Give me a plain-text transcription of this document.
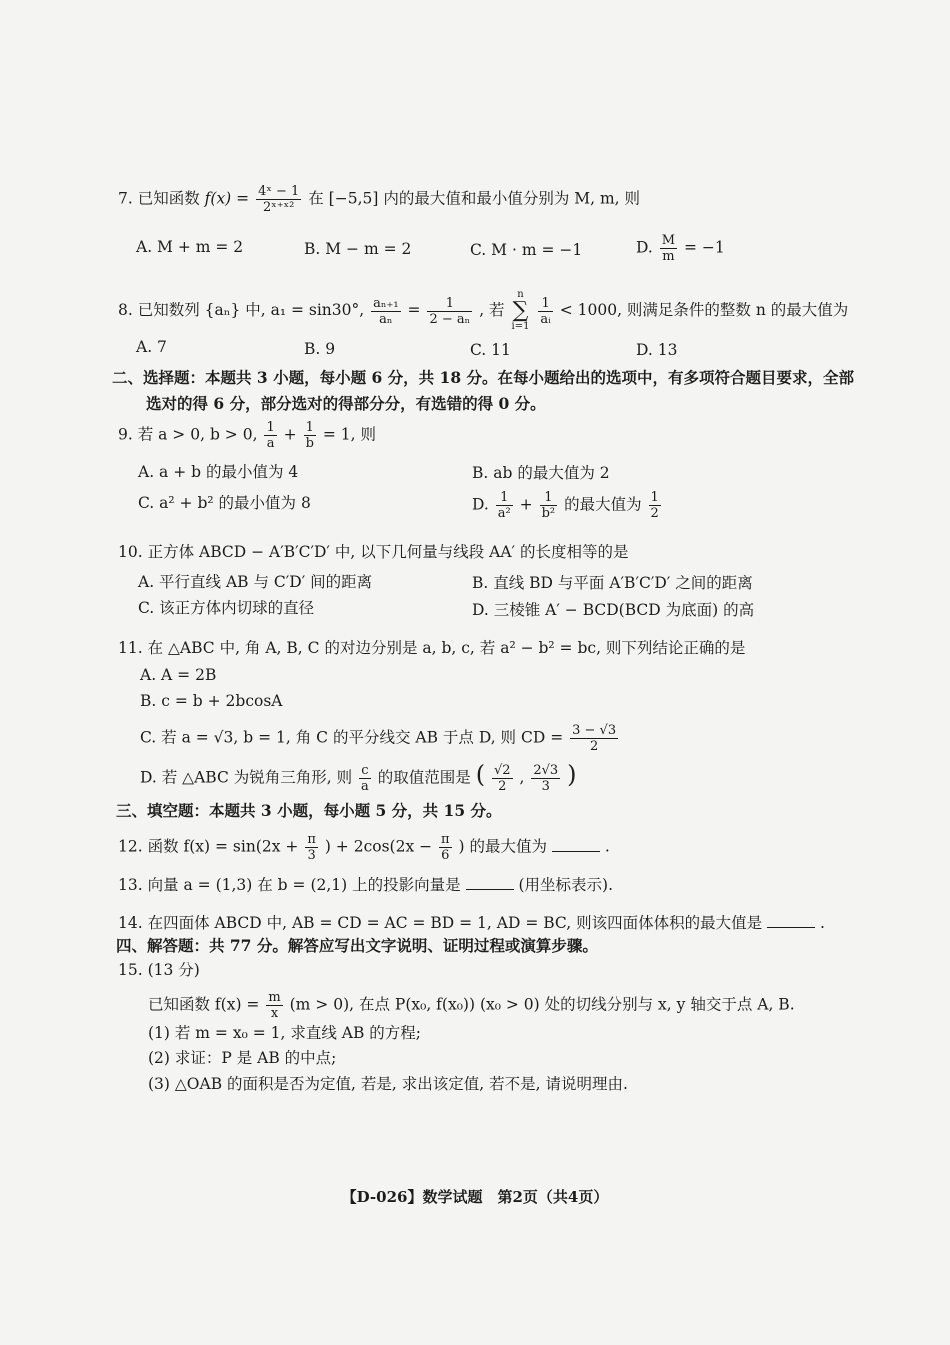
7. 已知函数 $f(x) = \frac{\text{4ˣ − 1}}{\text{2ˣ⁺ˣ²}}$ 在 [−5,5] 内的最大值和最小值分别为 M, m, 则
A. M + m = 2	B. M − m = 2	C. M · m = −1	D. $\frac{M}{m} = -1$
8. 已知数列 {aₙ} 中, a₁ = sin30°, $\frac{\text{aₙ₊₁}}{\text{aₙ}} = \frac{1}{\text{2 − aₙ}}$ , 若 n
∑
$i=1 \frac{1}{\text{aᵢ}} < 1000$, 则满足条件的整数 n 的最大值为
A. 7	B. 9	C. 11	D. 13
二、选择题：本题共 3 小题，每小题 6 分，共 18 分。在每小题给出的选项中，有多项符合题目要求，全部
选对的得 6 分，部分选对的得部分分，有选错的得 0 分。
9. 若 a > 0, b > 0, $\frac{1}{a} + \frac{1}{b} = 1$, 则
A. a + b 的最小值为 4	B. ab 的最大值为 2
C. a² + b² 的最小值为 8	D. $\frac{1}{\text{a²}} + \frac{1}{\text{b²}}$ 的最大值为 $\frac{1}{2}$
10. 正方体 ABCD − A′B′C′D′ 中, 以下几何量与线段 AA′ 的长度相等的是
A. 平行直线 AB 与 C′D′ 间的距离	B. 直线 BD 与平面 A′B′C′D′ 之间的距离
C. 该正方体内切球的直径	D. 三棱锥 A′ − BCD(BCD 为底面) 的高
11. 在 △ABC 中, 角 A, B, C 的对边分别是 a, b, c, 若 a² − b² = bc, 则下列结论正确的是
A. A = 2B
B. c = b + 2bcosA
C. 若 a = √3, b = 1, 角 C 的平分线交 AB 于点 D, 则 CD = $\frac{3 - √3}{2}$
D. 若 △ABC 为锐角三角形, 则 $\frac{c}{a}$ 的取值范围是 ( $\frac{√2}{2}$ , $\frac{2√3}{3}$ )
三、填空题：本题共 3 小题，每小题 5 分，共 15 分。
12. 函数 $f(x) = \sin(2x + \frac{\pi}{3}$ ) + $2\cos(2x - \frac{\pi}{6}$ ) 的最大值为	.
13. 向量 a = (1,3) 在 b = (2,1) 上的投影向量是	(用坐标表示).
14. 在四面体 ABCD 中, AB = CD = AC = BD = 1, AD = BC, 则该四面体体积的最大值是	.
四、解答题：共 77 分。解答应写出文字说明、证明过程或演算步骤。
15. (13 分)
已知函数 $f(x) = \frac{m}{x} (m > 0)$, 在点 P(x₀, f(x₀)) (x₀ > 0) 处的切线分别与 x, y 轴交于点 A, B.
(1) 若 m = x₀ = 1, 求直线 AB 的方程;
(2) 求证：P 是 AB 的中点;
(3) △OAB 的面积是否为定值, 若是, 求出该定值, 若不是, 请说明理由.
【D-026】数学试题　第2页（共4页）
